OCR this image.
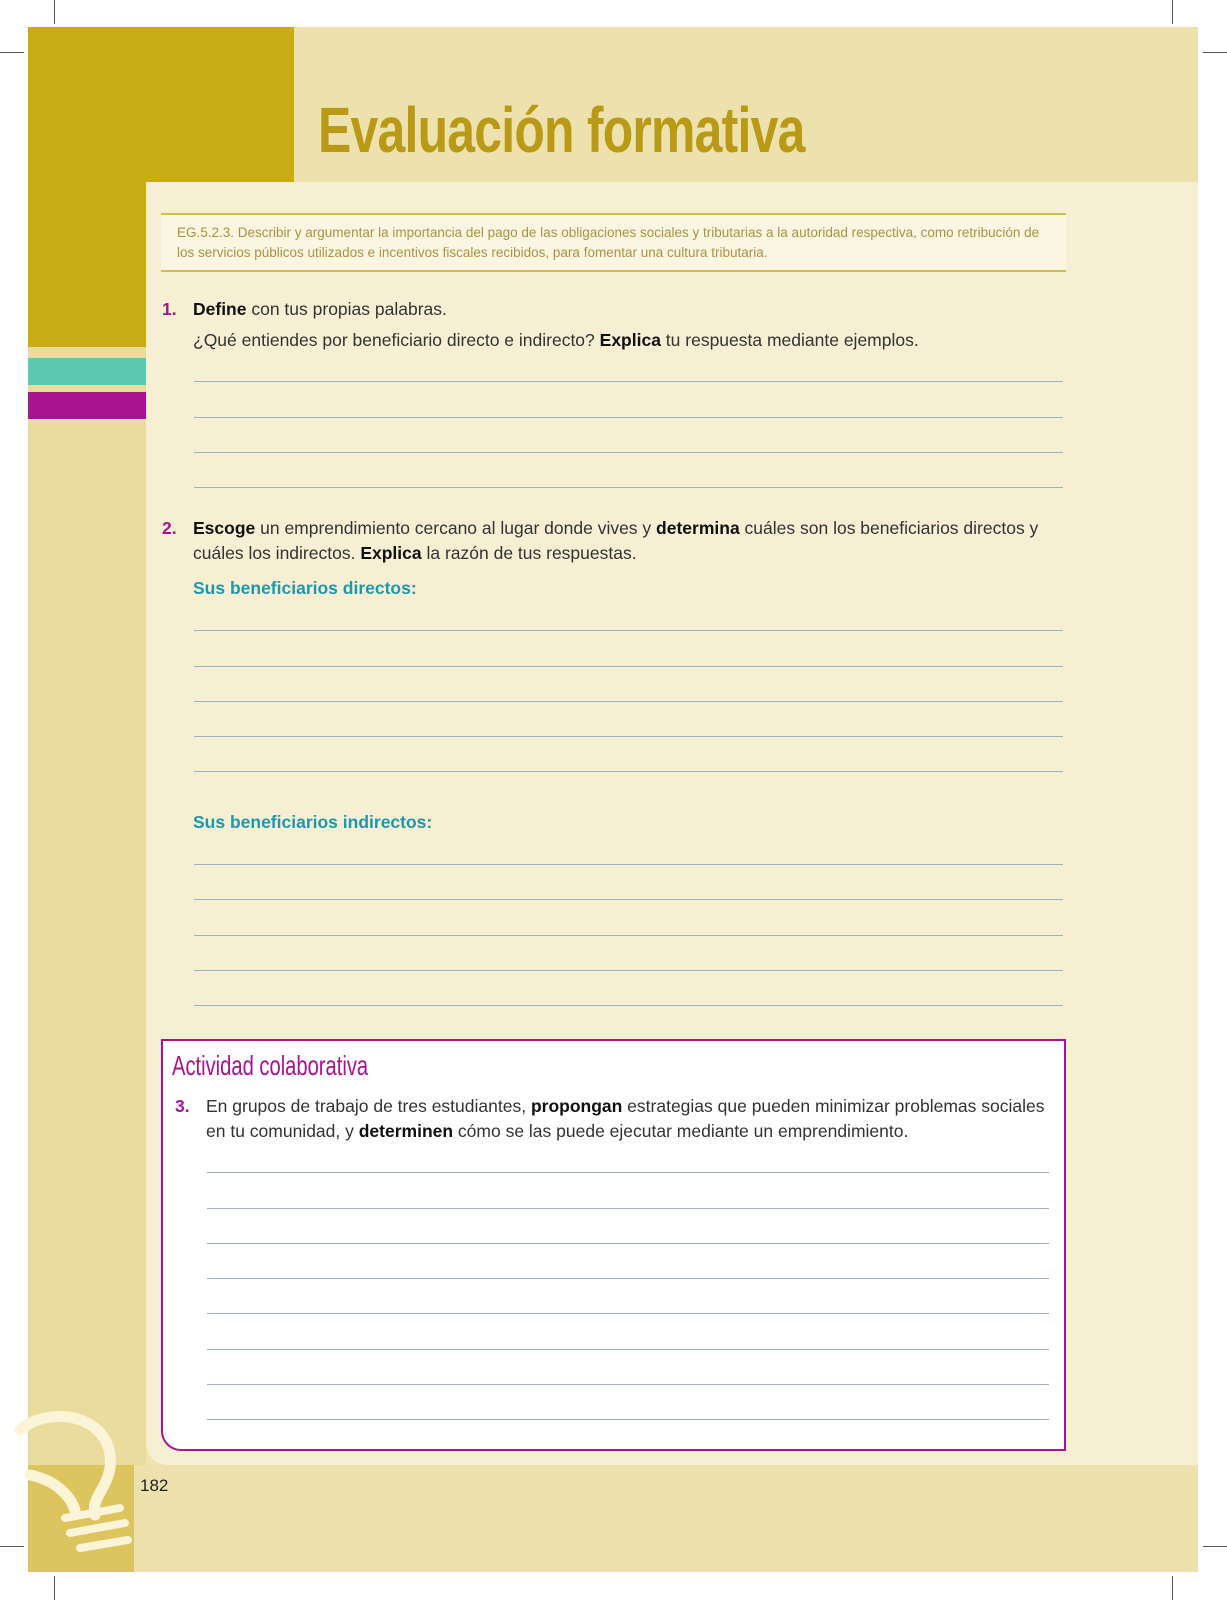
182
Evaluación formativa
EG.5.2.3. Describir y argumentar la importancia del pago de las obligaciones sociales y tributarias a la autoridad respectiva, como retribución de los servicios públicos utilizados e incentivos fiscales recibidos, para fomentar una cultura tributaria.
1. Define con tus propias palabras.
¿Qué entiendes por beneficiario directo e indirecto? Explica tu respuesta mediante ejemplos.
2. Escoge un emprendimiento cercano al lugar donde vives y determina cuáles son los beneficiarios directos y cuáles los indirectos. Explica la razón de tus respuestas.
Sus beneficiarios directos:
Sus beneficiarios indirectos:
Actividad colaborativa
3. En grupos de trabajo de tres estudiantes, propongan estrategias que pueden minimizar problemas sociales en tu comunidad, y determinen cómo se las puede ejecutar mediante un emprendimiento.
